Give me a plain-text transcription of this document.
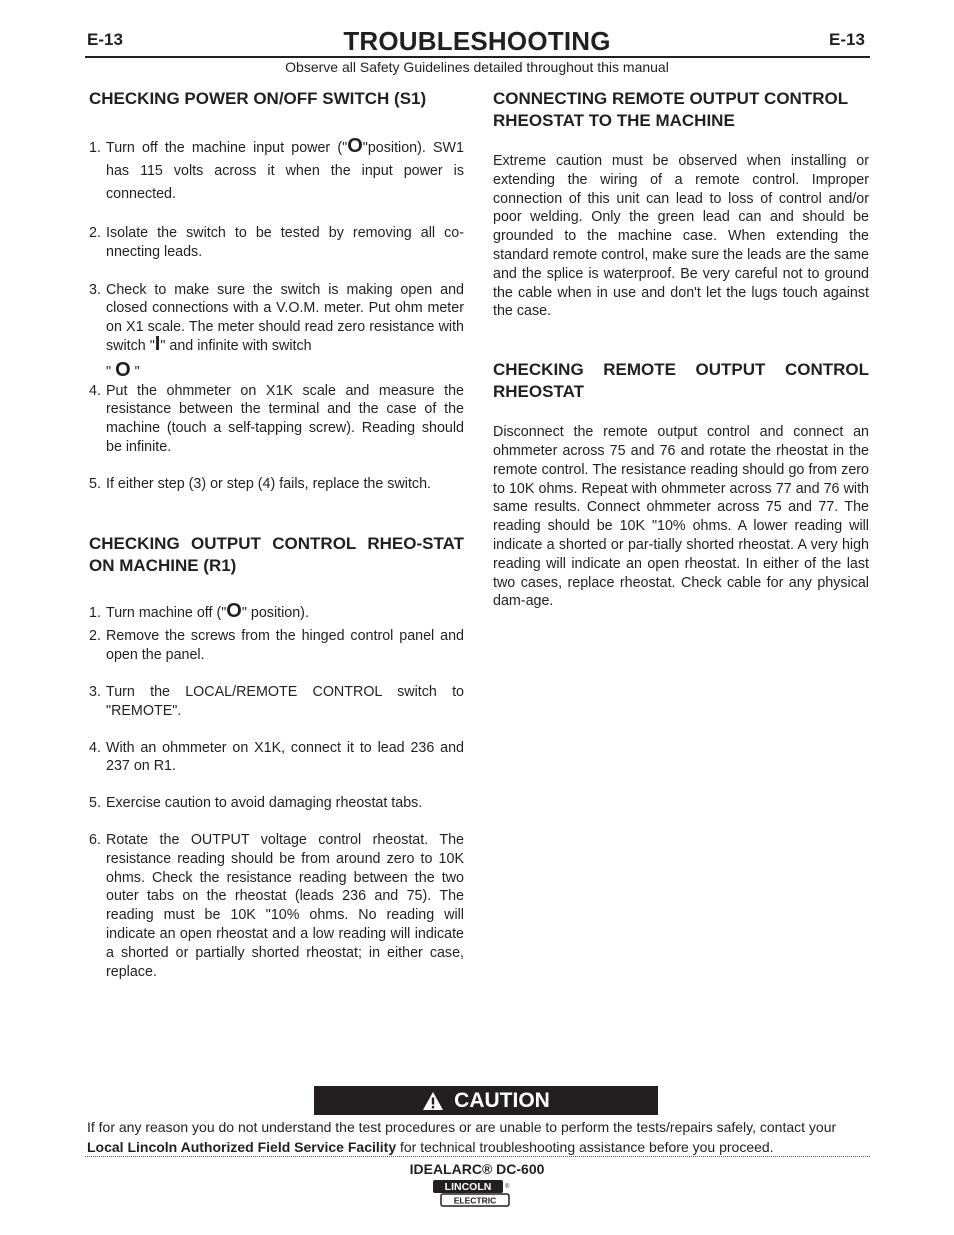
E-13	E-13
TROUBLESHOOTING
Observe all Safety Guidelines detailed throughout this manual
CHECKING POWER ON/OFF SWITCH (S1)
1. Turn off the machine input power ("O"position). SW1 has 115 volts across it when the input power is connected.
2. Isolate the switch to be tested by removing all co-nnecting leads.
3. Check to make sure the switch is making open and closed connections with a V.O.M. meter. Put ohm meter on X1 scale. The meter should read zero resistance with switch "I" and infinite with switch
" O "
4. Put the ohmmeter on X1K scale and measure the resistance between the terminal and the case of the machine (touch a self-tapping screw). Reading should be infinite.
5. If either step (3) or step (4) fails, replace the switch.
CHECKING OUTPUT CONTROL RHEO-STAT ON MACHINE (R1)
1. Turn machine off ("O" position).
2. Remove the screws from the hinged control panel and open the panel.
3. Turn the LOCAL/REMOTE CONTROL switch to "REMOTE".
4. With an ohmmeter on X1K, connect it to lead 236 and 237 on R1.
5. Exercise caution to avoid damaging rheostat tabs.
6. Rotate the OUTPUT voltage control rheostat. The resistance reading should be from around zero to 10K ohms. Check the resistance reading between the two outer tabs on the rheostat (leads 236 and 75). The reading must be 10K "10% ohms. No reading will indicate an open rheostat and a low reading will indicate a shorted or partially shorted rheostat; in either case, replace.
CONNECTING REMOTE OUTPUT CONTROL RHEOSTAT TO THE MACHINE

Extreme caution must be observed when installing or extending the wiring of a remote control. Improper connection of this unit can lead to loss of control and/or poor welding. Only the green lead can and should be grounded to the machine case. When extending the standard remote control, make sure the leads are the same and the splice is waterproof. Be very careful not to ground the cable when in use and don't let the lugs touch against the case.

CHECKING REMOTE OUTPUT CONTROL RHEOSTAT

Disconnect the remote output control and connect an ohmmeter across 75 and 76 and rotate the rheostat in the remote control. The resistance reading should go from zero to 10K ohms. Repeat with ohmmeter across 77 and 76 with same results. Connect ohmmeter across 75 and 77. The reading should be 10K "10% ohms. A lower reading will indicate a shorted or par-tially shorted rheostat. A very high reading will indicate an open rheostat. In either of the last two cases, replace rheostat. Check cable for any physical dam-age.

CAUTION
If for any reason you do not understand the test procedures or are unable to perform the tests/repairs safely, contact your
Local Lincoln Authorized Field Service Facility for technical troubleshooting assistance before you proceed.
IDEALARC® DC-600
LINCOLN
ELECTRIC
®
